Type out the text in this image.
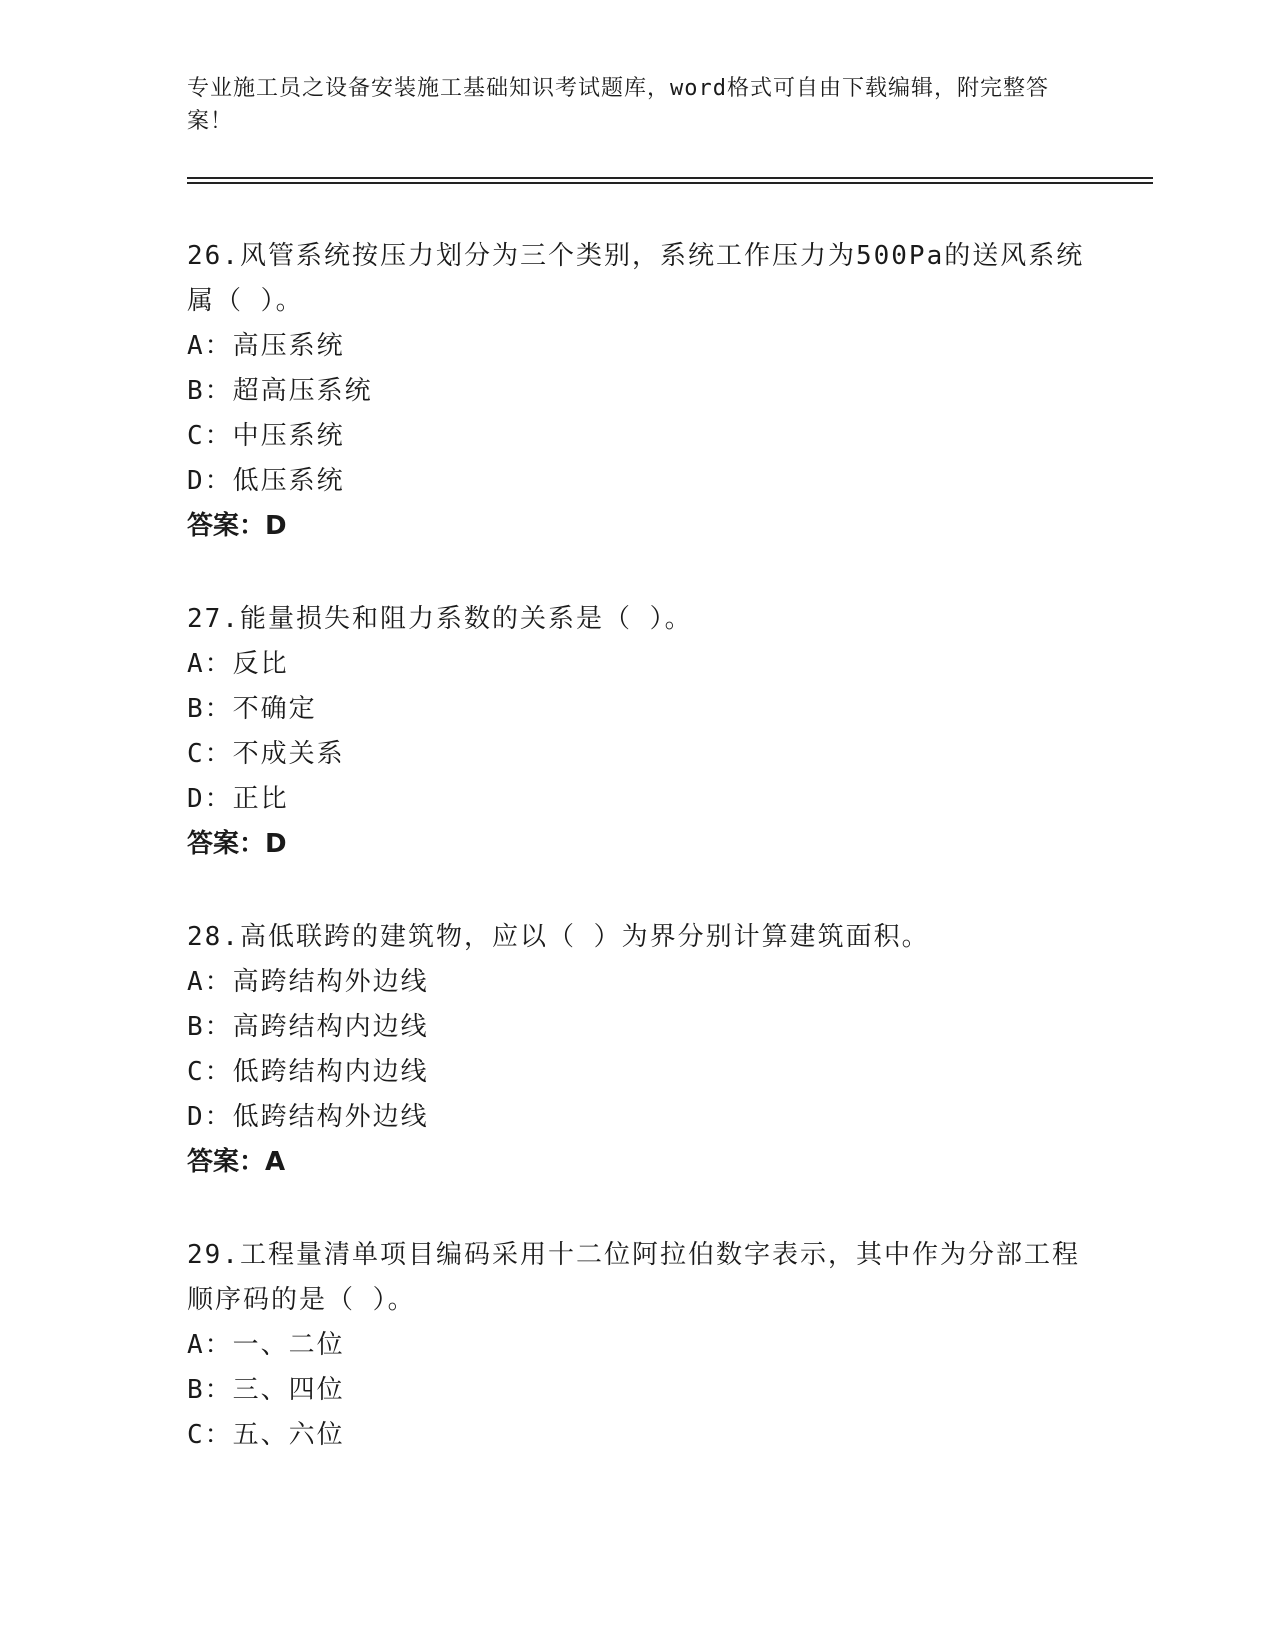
专业施工员之设备安装施工基础知识考试题库，word格式可自由下载编辑，附完整答案！

26.风管系统按压力划分为三个类别，系统工作压力为500Pa的送风系统属（ ）。

A：高压系统

B：超高压系统

C：中压系统

D：低压系统

答案：D

27.能量损失和阻力系数的关系是（ ）。

A：反比

B：不确定

C：不成关系

D：正比

答案：D

28.高低联跨的建筑物，应以（ ）为界分别计算建筑面积。

A：高跨结构外边线

B：高跨结构内边线

C：低跨结构内边线

D：低跨结构外边线

答案：A

29.工程量清单项目编码采用十二位阿拉伯数字表示，其中作为分部工程顺序码的是（ ）。

A：一、二位

B：三、四位

C：五、六位
